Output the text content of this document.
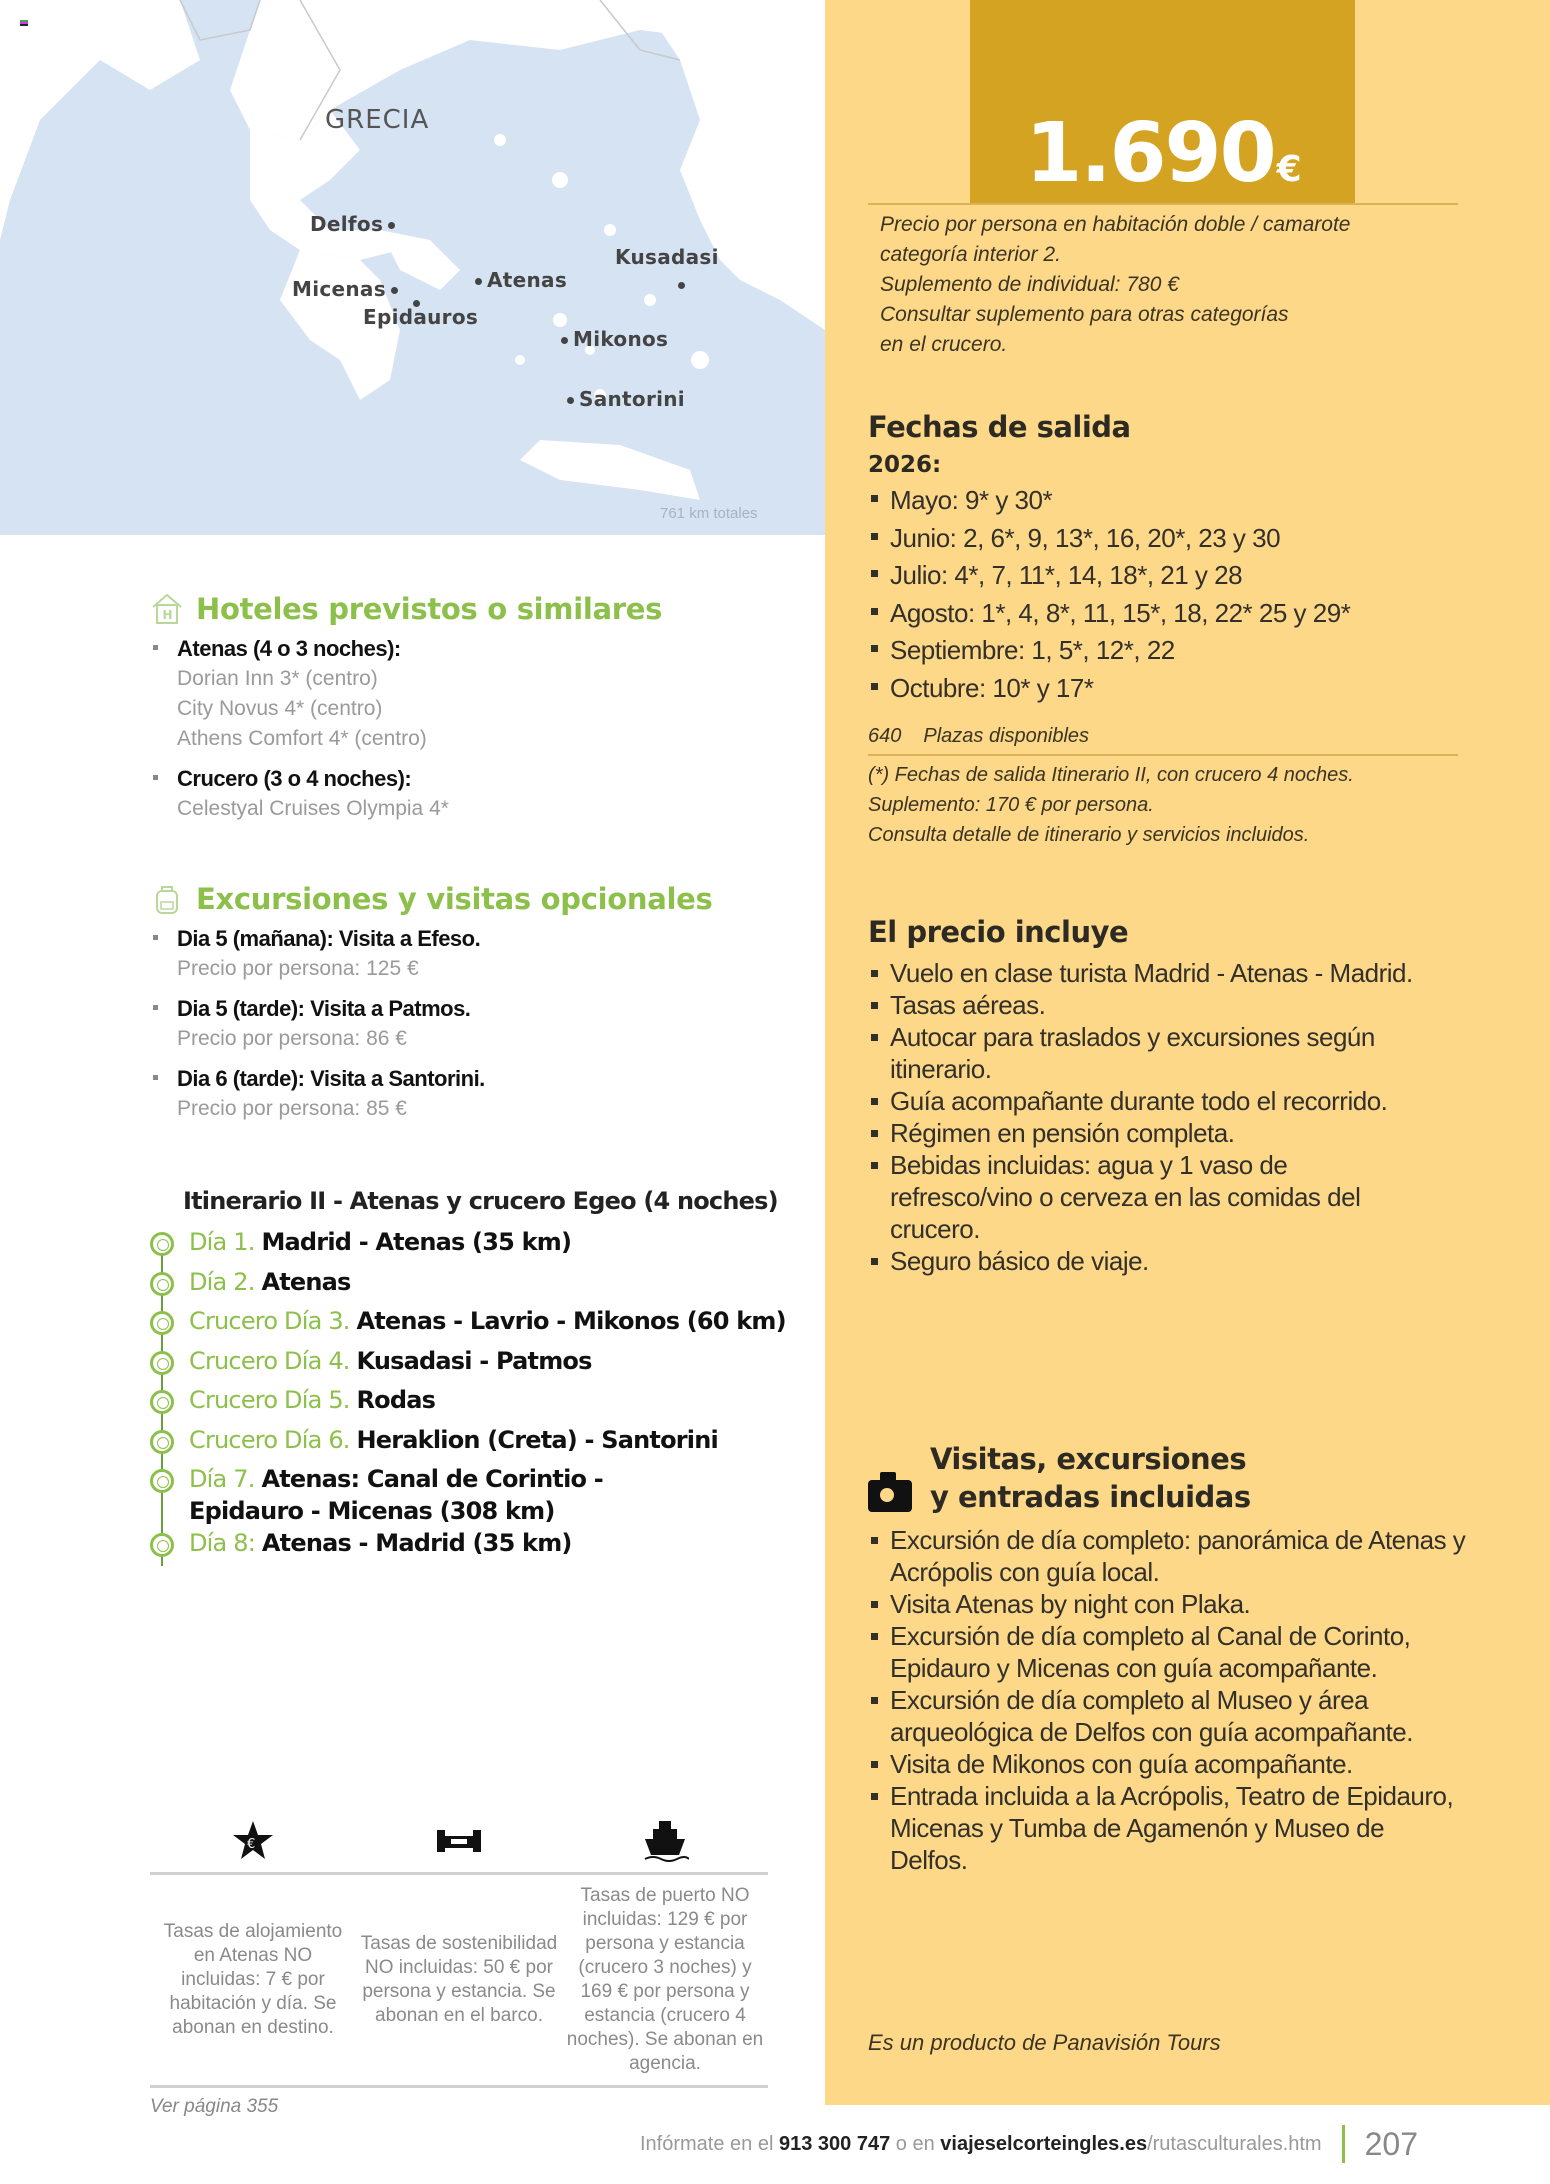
GRECIA
Delfos
Micenas
Epidauros
Atenas
Kusadasi
Mikonos
Santorini
761 km totales
1.690€
Precio por persona en habitación doble / camarote
categoría interior 2.
Suplemento de individual: 780 €
Consultar suplemento para otras categorías
en el crucero.
Fechas de salida
2026:
Mayo: 9* y 30*
Junio: 2, 6*, 9, 13*, 16, 20*, 23 y 30
Julio: 4*, 7, 11*, 14, 18*, 21 y 28
Agosto: 1*, 4, 8*, 11, 15*, 18, 22* 25 y 29*
Septiembre: 1, 5*, 12*, 22
Octubre: 10* y 17*
640 Plazas disponibles
(*) Fechas de salida Itinerario II, con crucero 4 noches.
Suplemento: 170 € por persona.
Consulta detalle de itinerario y servicios incluidos.
El precio incluye
Vuelo en clase turista Madrid - Atenas - Madrid.
Tasas aéreas.
Autocar para traslados y excursiones según itinerario.
Guía acompañante durante todo el recorrido.
Régimen en pensión completa.
Bebidas incluidas: agua y 1 vaso de refresco/vino o cerveza en las comidas del crucero.
Seguro básico de viaje.
Visitas, excursiones
y entradas incluidas
Excursión de día completo: panorámica de Atenas y Acrópolis con guía local.
Visita Atenas by night con Plaka.
Excursión de día completo al Canal de Corinto, Epidauro y Micenas con guía acompañante.
Excursión de día completo al Museo y área arqueológica de Delfos con guía acompañante.
Visita de Mikonos con guía acompañante.
Entrada incluida a la Acrópolis, Teatro de Epidauro, Micenas y Tumba de Agamenón y Museo de Delfos.
Es un producto de Panavisión Tours
H Hoteles previstos o similares
Atenas (4 o 3 noches):
Dorian Inn 3* (centro)
City Novus 4* (centro)
Athens Comfort 4* (centro)
Crucero (3 o 4 noches):
Celestyal Cruises Olympia 4*
Excursiones y visitas opcionales
Dia 5 (mañana): Visita a Efeso.
Precio por persona: 125 €
Dia 5 (tarde): Visita a Patmos.
Precio por persona: 86 €
Dia 6 (tarde): Visita a Santorini.
Precio por persona: 85 €
Itinerario II - Atenas y crucero Egeo (4 noches)
Día 1. Madrid - Atenas (35 km)
Día 2. Atenas
Crucero Día 3. Atenas - Lavrio - Mikonos (60 km)
Crucero Día 4. Kusadasi - Patmos
Crucero Día 5. Rodas
Crucero Día 6. Heraklion (Creta) - Santorini
Día 7. Atenas: Canal de Corintio - Epidauro - Micenas (308 km)
Día 8: Atenas - Madrid (35 km)
€
Tasas de alojamiento en Atenas NO incluidas: 7 € por habitación y día. Se abonan en destino.
Tasas de sostenibilidad NO incluidas: 50 € por persona y estancia. Se abonan en el barco.
Tasas de puerto NO incluidas: 129 € por persona y estancia (crucero 3 noches) y 169 € por persona y estancia (crucero 4 noches). Se abonan en agencia.
Ver página 355
Infórmate en el
913 300 747
o en
viajeselcorteingles.es/rutasculturales.htm 207
